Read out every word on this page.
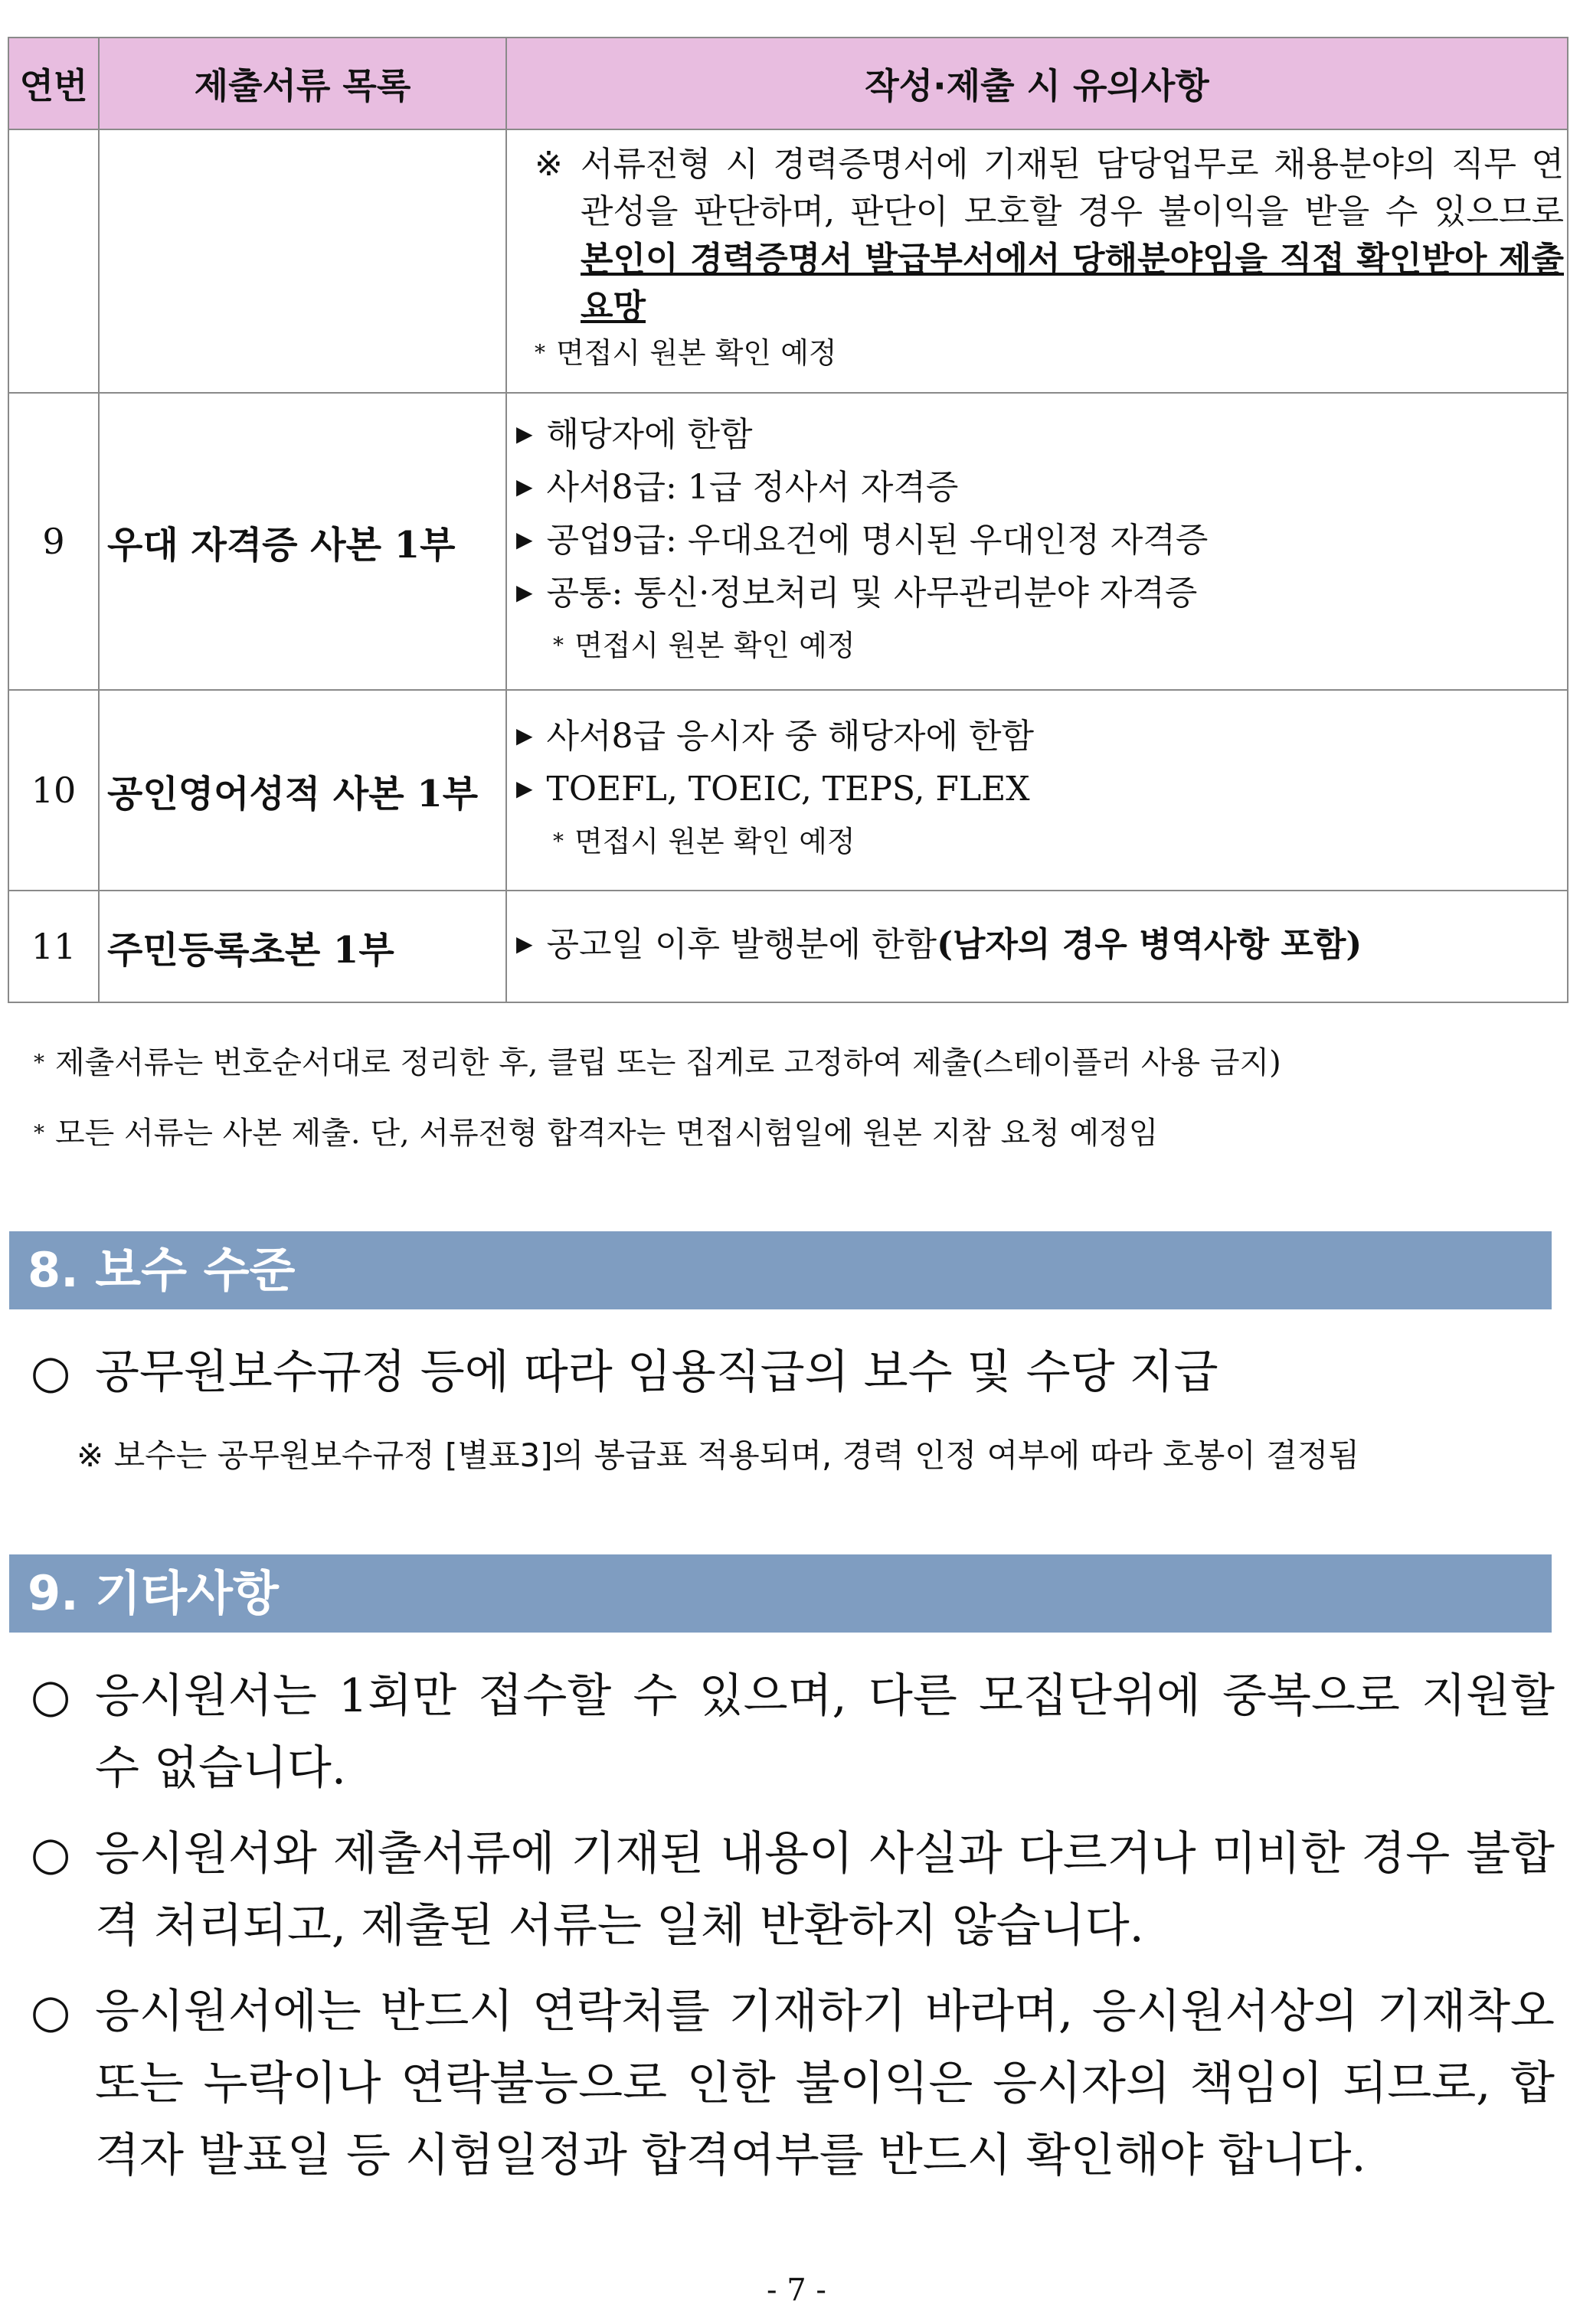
연번	제출서류 목록	작성·제출 시 유의사항

		※ 서류전형 시 경력증명서에 기재된 담당업무로 채용분야의 직무 연관성을 판단하며, 판단이 모호할 경우 불이익을 받을 수 있으므로 본인이 경력증명서 발급부서에서 당해분야임을 직접 확인받아 제출 요망
* 면접시 원본 확인 예정

9	우대 자격증 사본 1부	▶ 해당자에 한함
▶ 사서8급: 1급 정사서 자격증
▶ 공업9급: 우대요건에 명시된 우대인정 자격증
▶ 공통: 통신·정보처리 및 사무관리분야 자격증
* 면접시 원본 확인 예정

10	공인영어성적 사본 1부	▶ 사서8급 응시자 중 해당자에 한함
▶ TOEFL, TOEIC, TEPS, FLEX
* 면접시 원본 확인 예정

11	주민등록초본 1부	▶ 공고일 이후 발행분에 한함(남자의 경우 병역사항 포함)
* 제출서류는 번호순서대로 정리한 후, 클립 또는 집게로 고정하여 제출(스테이플러 사용 금지)
* 모든 서류는 사본 제출. 단, 서류전형 합격자는 면접시험일에 원본 지참 요청 예정임
8. 보수 수준
○ 공무원보수규정 등에 따라 임용직급의 보수 및 수당 지급
※ 보수는 공무원보수규정 [별표3]의 봉급표 적용되며, 경력 인정 여부에 따라 호봉이 결정됨
9. 기타사항
○ 응시원서는 1회만 접수할 수 있으며, 다른 모집단위에 중복으로 지원할 수 없습니다.
○ 응시원서와 제출서류에 기재된 내용이 사실과 다르거나 미비한 경우 불합격 처리되고, 제출된 서류는 일체 반환하지 않습니다.
○ 응시원서에는 반드시 연락처를 기재하기 바라며, 응시원서상의 기재착오 또는 누락이나 연락불능으로 인한 불이익은 응시자의 책임이 되므로, 합격자 발표일 등 시험일정과 합격여부를 반드시 확인해야 합니다.
- 7 -
